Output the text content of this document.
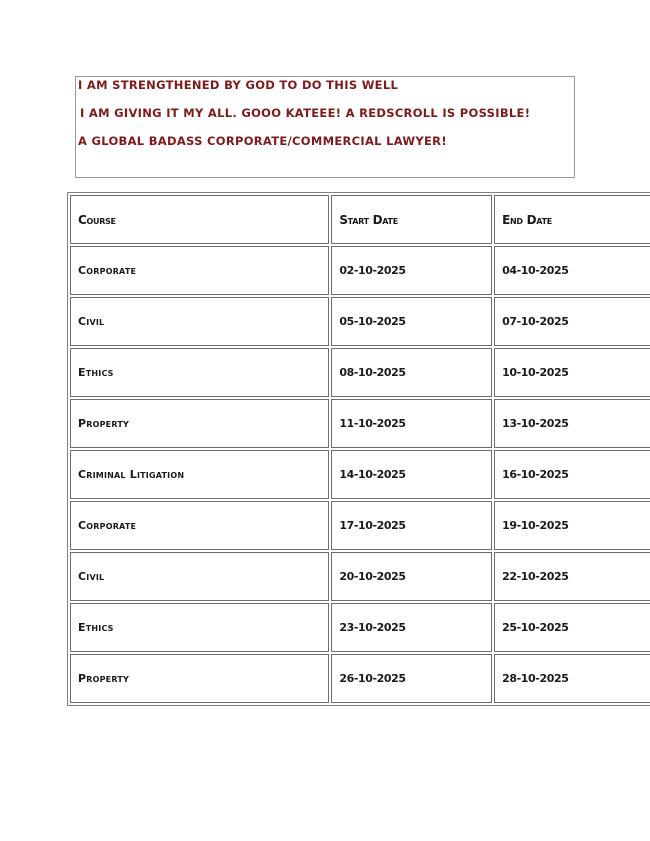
I AM STRENGTHENED BY GOD TO DO THIS WELL
I AM GIVING IT MY ALL. GOOO KATEEE! A REDSCROLL IS POSSIBLE!
A GLOBAL BADASS CORPORATE/COMMERCIAL LAWYER!
Course	Start Date	End Date
Corporate	02-10-2025	04-10-2025
Civil	05-10-2025	07-10-2025
Ethics	08-10-2025	10-10-2025
Property	11-10-2025	13-10-2025
Criminal Litigation	14-10-2025	16-10-2025
Corporate	17-10-2025	19-10-2025
Civil	20-10-2025	22-10-2025
Ethics	23-10-2025	25-10-2025
Property	26-10-2025	28-10-2025
